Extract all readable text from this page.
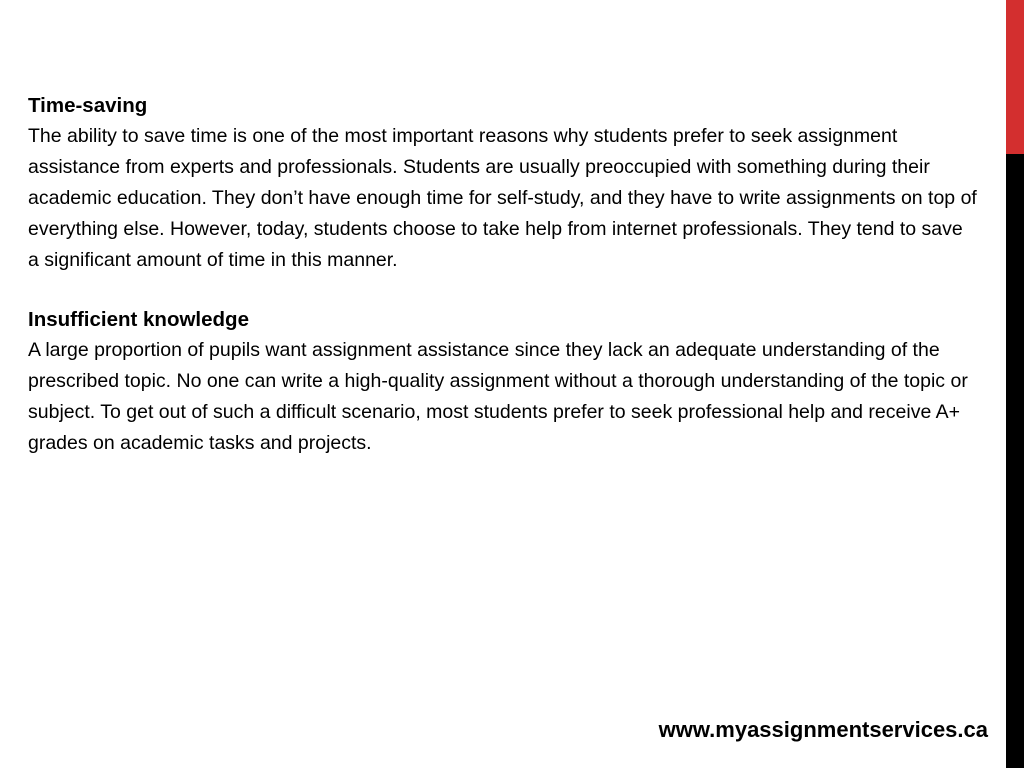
Time-saving

The ability to save time is one of the most important reasons why students prefer to seek assignment assistance from experts and professionals. Students are usually preoccupied with something during their academic education. They don’t have enough time for self-study, and they have to write assignments on top of everything else. However, today, students choose to take help from internet professionals. They tend to save a significant amount of time in this manner.

Insufficient knowledge

A large proportion of pupils want assignment assistance since they lack an adequate understanding of the prescribed topic. No one can write a high-quality assignment without a thorough understanding of the topic or subject. To get out of such a difficult scenario, most students prefer to seek professional help and receive A+ grades on academic tasks and projects.

www.myassignmentservices.ca
